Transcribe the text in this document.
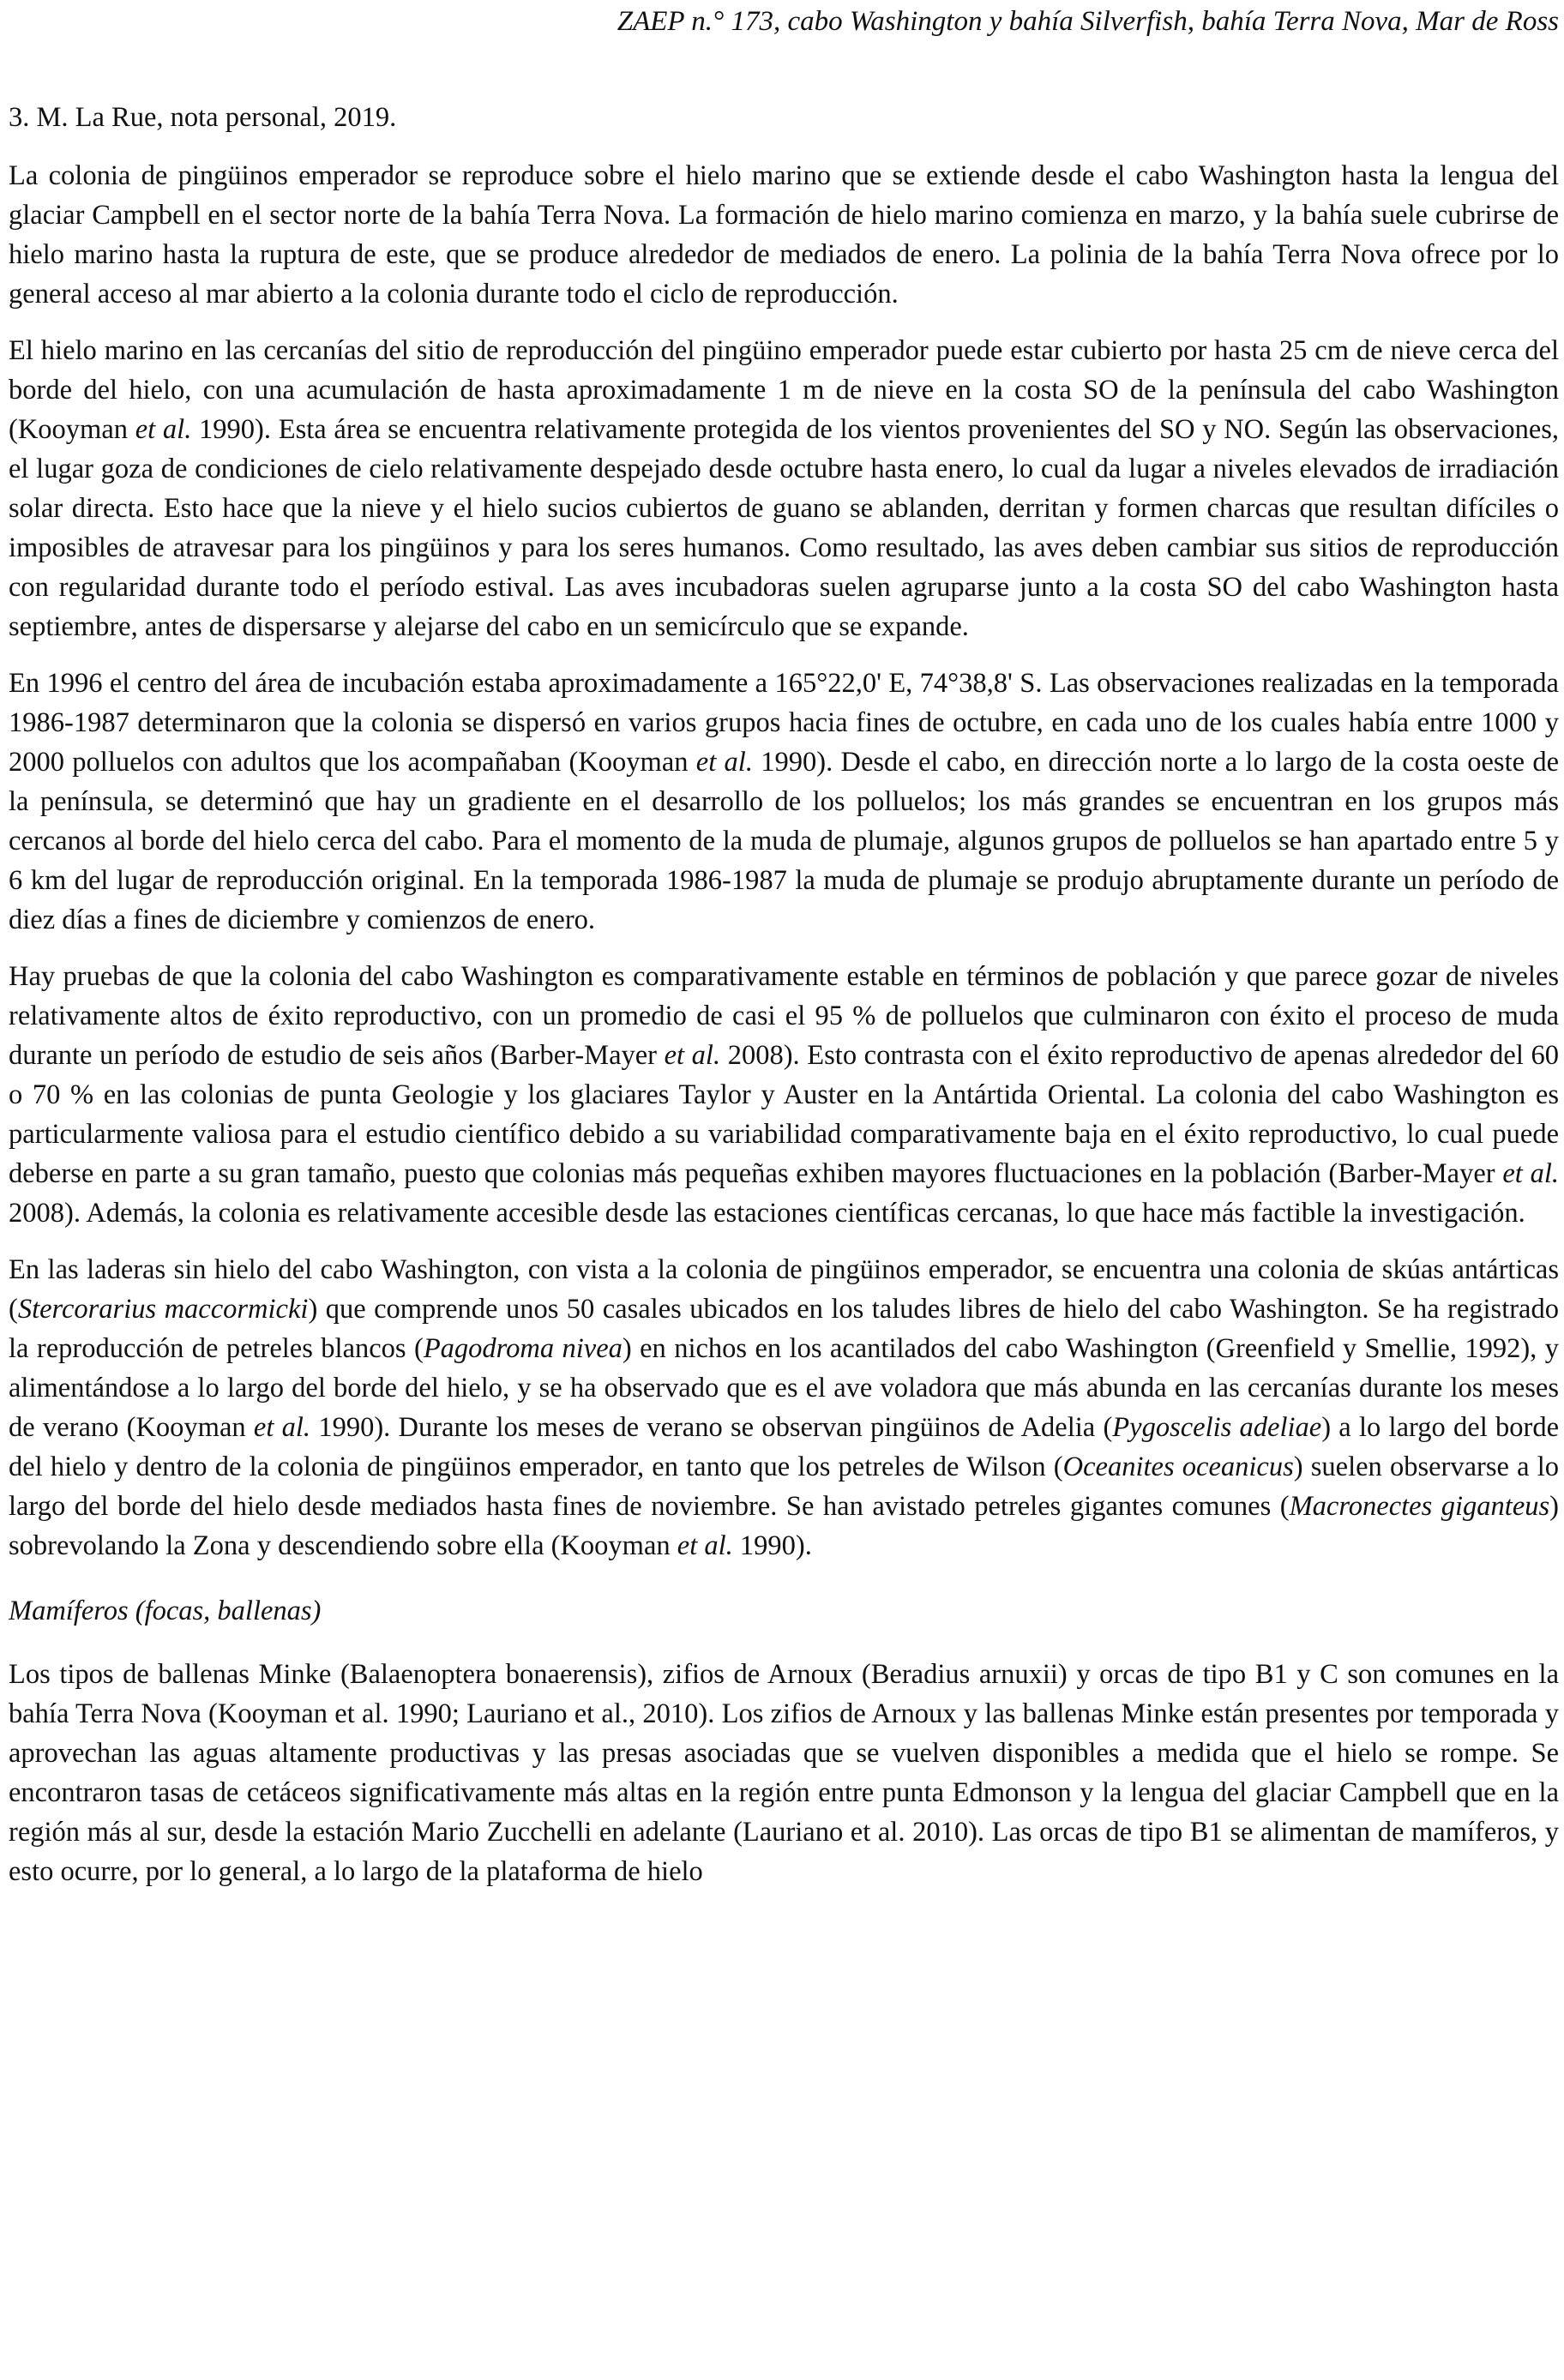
ZAEP n.° 173, cabo Washington y bahía Silverfish, bahía Terra Nova, Mar de Ross

3. M. La Rue, nota personal, 2019.

La colonia de pingüinos emperador se reproduce sobre el hielo marino que se extiende desde el cabo Washington hasta la lengua del glaciar Campbell en el sector norte de la bahía Terra Nova. La formación de hielo marino comienza en marzo, y la bahía suele cubrirse de hielo marino hasta la ruptura de este, que se produce alrededor de mediados de enero. La polinia de la bahía Terra Nova ofrece por lo general acceso al mar abierto a la colonia durante todo el ciclo de reproducción.

El hielo marino en las cercanías del sitio de reproducción del pingüino emperador puede estar cubierto por hasta 25 cm de nieve cerca del borde del hielo, con una acumulación de hasta aproximadamente 1 m de nieve en la costa SO de la península del cabo Washington (Kooyman et al. 1990). Esta área se encuentra relativamente protegida de los vientos provenientes del SO y NO. Según las observaciones, el lugar goza de condiciones de cielo relativamente despejado desde octubre hasta enero, lo cual da lugar a niveles elevados de irradiación solar directa. Esto hace que la nieve y el hielo sucios cubiertos de guano se ablanden, derritan y formen charcas que resultan difíciles o imposibles de atravesar para los pingüinos y para los seres humanos. Como resultado, las aves deben cambiar sus sitios de reproducción con regularidad durante todo el período estival. Las aves incubadoras suelen agruparse junto a la costa SO del cabo Washington hasta septiembre, antes de dispersarse y alejarse del cabo en un semicírculo que se expande.

En 1996 el centro del área de incubación estaba aproximadamente a 165°22,0' E, 74°38,8' S. Las observaciones realizadas en la temporada 1986-1987 determinaron que la colonia se dispersó en varios grupos hacia fines de octubre, en cada uno de los cuales había entre 1000 y 2000 polluelos con adultos que los acompañaban (Kooyman et al. 1990). Desde el cabo, en dirección norte a lo largo de la costa oeste de la península, se determinó que hay un gradiente en el desarrollo de los polluelos; los más grandes se encuentran en los grupos más cercanos al borde del hielo cerca del cabo. Para el momento de la muda de plumaje, algunos grupos de polluelos se han apartado entre 5 y 6 km del lugar de reproducción original. En la temporada 1986-1987 la muda de plumaje se produjo abruptamente durante un período de diez días a fines de diciembre y comienzos de enero.

Hay pruebas de que la colonia del cabo Washington es comparativamente estable en términos de población y que parece gozar de niveles relativamente altos de éxito reproductivo, con un promedio de casi el 95 % de polluelos que culminaron con éxito el proceso de muda durante un período de estudio de seis años (Barber-Mayer et al. 2008). Esto contrasta con el éxito reproductivo de apenas alrededor del 60 o 70 % en las colonias de punta Geologie y los glaciares Taylor y Auster en la Antártida Oriental. La colonia del cabo Washington es particularmente valiosa para el estudio científico debido a su variabilidad comparativamente baja en el éxito reproductivo, lo cual puede deberse en parte a su gran tamaño, puesto que colonias más pequeñas exhiben mayores fluctuaciones en la población (Barber-Mayer et al. 2008). Además, la colonia es relativamente accesible desde las estaciones científicas cercanas, lo que hace más factible la investigación.

En las laderas sin hielo del cabo Washington, con vista a la colonia de pingüinos emperador, se encuentra una colonia de skúas antárticas (Stercorarius maccormicki) que comprende unos 50 casales ubicados en los taludes libres de hielo del cabo Washington. Se ha registrado la reproducción de petreles blancos (Pagodroma nivea) en nichos en los acantilados del cabo Washington (Greenfield y Smellie, 1992), y alimentándose a lo largo del borde del hielo, y se ha observado que es el ave voladora que más abunda en las cercanías durante los meses de verano (Kooyman et al. 1990). Durante los meses de verano se observan pingüinos de Adelia (Pygoscelis adeliae) a lo largo del borde del hielo y dentro de la colonia de pingüinos emperador, en tanto que los petreles de Wilson (Oceanites oceanicus) suelen observarse a lo largo del borde del hielo desde mediados hasta fines de noviembre. Se han avistado petreles gigantes comunes (Macronectes giganteus) sobrevolando la Zona y descendiendo sobre ella (Kooyman et al. 1990).

Mamíferos (focas, ballenas)

Los tipos de ballenas Minke (Balaenoptera bonaerensis), zifios de Arnoux (Beradius arnuxii) y orcas de tipo B1 y C son comunes en la bahía Terra Nova (Kooyman et al. 1990; Lauriano et al., 2010). Los zifios de Arnoux y las ballenas Minke están presentes por temporada y aprovechan las aguas altamente productivas y las presas asociadas que se vuelven disponibles a medida que el hielo se rompe. Se encontraron tasas de cetáceos significativamente más altas en la región entre punta Edmonson y la lengua del glaciar Campbell que en la región más al sur, desde la estación Mario Zucchelli en adelante (Lauriano et al. 2010). Las orcas de tipo B1 se alimentan de mamíferos, y esto ocurre, por lo general, a lo largo de la plataforma de hielo
